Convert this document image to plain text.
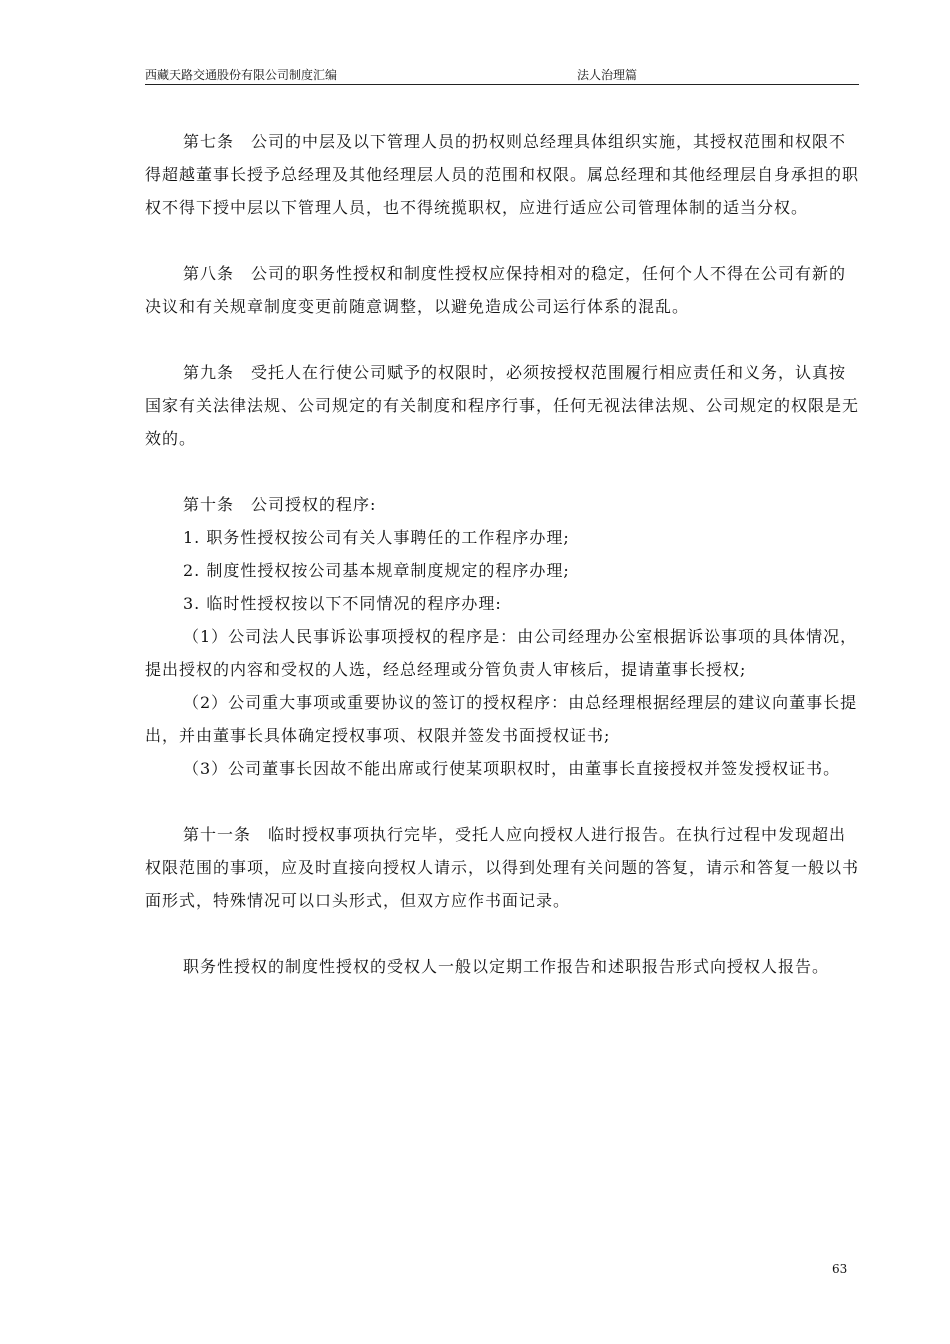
西藏天路交通股份有限公司制度汇编	法人治理篇

第七条　公司的中层及以下管理人员的扔权则总经理具体组织实施，其授权范围和权限不得超越董事长授予总经理及其他经理层人员的范围和权限。属总经理和其他经理层自身承担的职权不得下授中层以下管理人员，也不得统揽职权，应进行适应公司管理体制的适当分权。

第八条　公司的职务性授权和制度性授权应保持相对的稳定，任何个人不得在公司有新的决议和有关规章制度变更前随意调整，以避免造成公司运行体系的混乱。

第九条　受托人在行使公司赋予的权限时，必须按授权范围履行相应责任和义务，认真按国家有关法律法规、公司规定的有关制度和程序行事，任何无视法律法规、公司规定的权限是无效的。

第十条　公司授权的程序:

1. 职务性授权按公司有关人事聘任的工作程序办理;

2. 制度性授权按公司基本规章制度规定的程序办理;

3. 临时性授权按以下不同情况的程序办理:

（1）公司法人民事诉讼事项授权的程序是：由公司经理办公室根据诉讼事项的具体情况，提出授权的内容和受权的人选，经总经理或分管负责人审核后，提请董事长授权;

（2）公司重大事项或重要协议的签订的授权程序：由总经理根据经理层的建议向董事长提出，并由董事长具体确定授权事项、权限并签发书面授权证书;

（3）公司董事长因故不能出席或行使某项职权时，由董事长直接授权并签发授权证书。

第十一条　临时授权事项执行完毕，受托人应向授权人进行报告。在执行过程中发现超出权限范围的事项，应及时直接向授权人请示，以得到处理有关问题的答复，请示和答复一般以书面形式，特殊情况可以口头形式，但双方应作书面记录。

职务性授权的制度性授权的受权人一般以定期工作报告和述职报告形式向授权人报告。

63
